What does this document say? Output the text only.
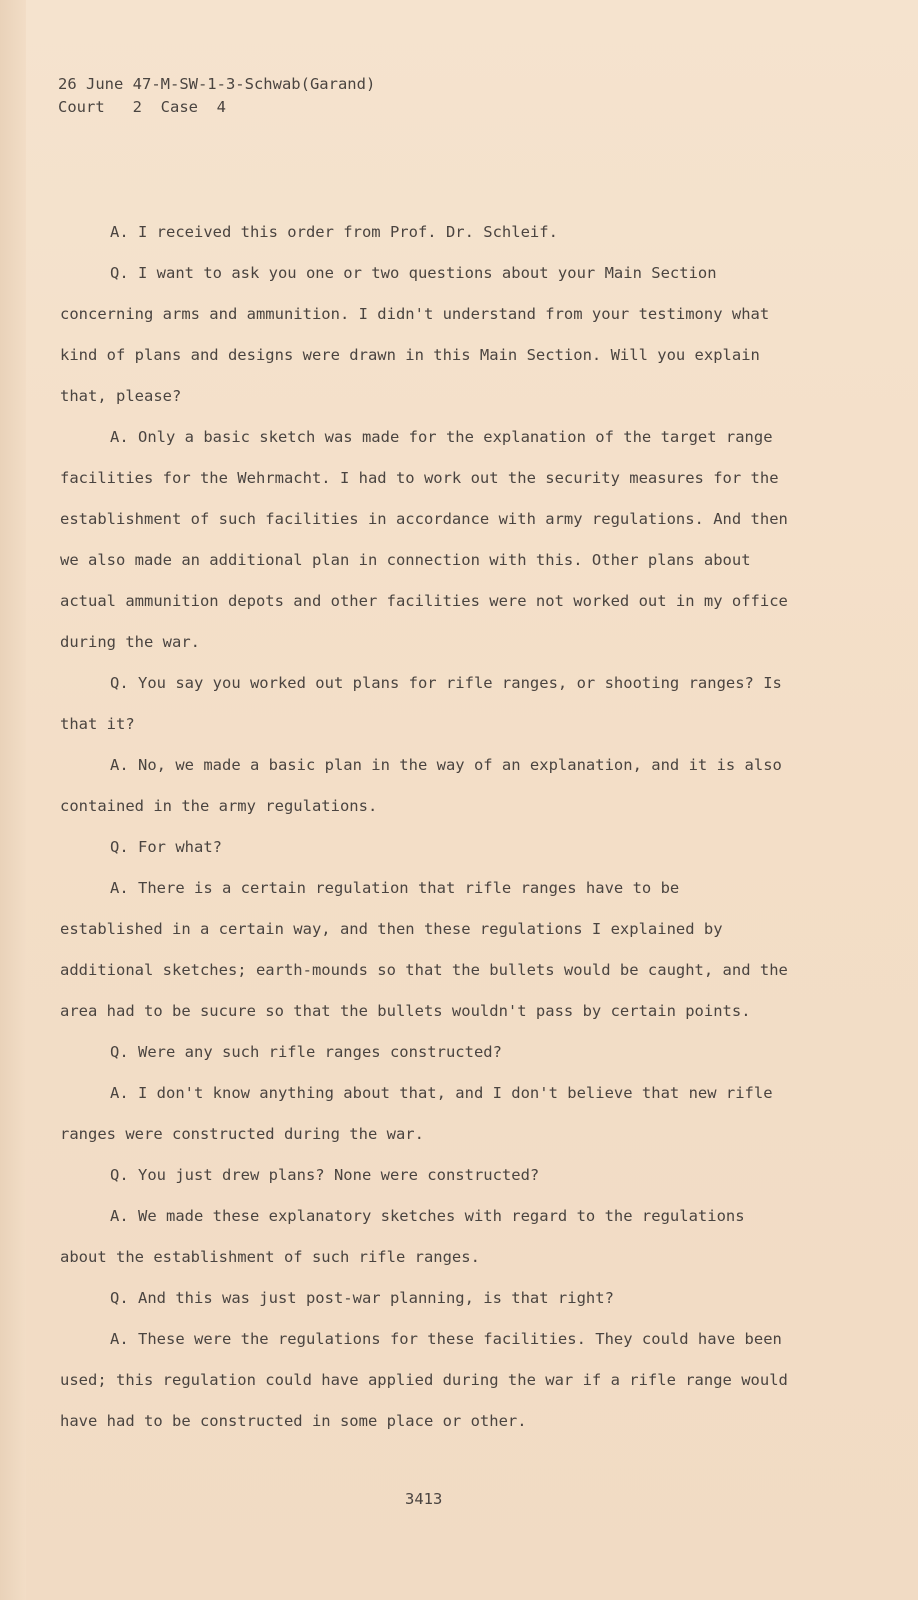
26 June 47-M-SW-1-3-Schwab(Garand)
Court   2  Case  4

A. I received this order from Prof. Dr. Schleif.

Q. I want to ask you one or two questions about your Main Section concerning arms and ammunition. I didn't understand from your testimony what kind of plans and designs were drawn in this Main Section. Will you explain that, please?

A. Only a basic sketch was made for the explanation of the target range facilities for the Wehrmacht. I had to work out the security measures for the establishment of such facilities in accordance with army regulations. And then we also made an additional plan in connection with this. Other plans about actual ammunition depots and other facilities were not worked out in my office during the war.

Q. You say you worked out plans for rifle ranges, or shooting ranges? Is that it?

A. No, we made a basic plan in the way of an explanation, and it is also contained in the army regulations.

Q. For what?

A. There is a certain regulation that rifle ranges have to be established in a certain way, and then these regulations I explained by additional sketches; earth-mounds so that the bullets would be caught, and the area had to be sucure so that the bullets wouldn't pass by certain points.

Q. Were any such rifle ranges constructed?

A. I don't know anything about that, and I don't believe that new rifle ranges were constructed during the war.

Q. You just drew plans? None were constructed?

A. We made these explanatory sketches with regard to the regulations about the establishment of such rifle ranges.

Q. And this was just post-war planning, is that right?

A. These were the regulations for these facilities. They could have been used; this regulation could have applied during the war if a rifle range would have had to be constructed in some place or other.

3413
